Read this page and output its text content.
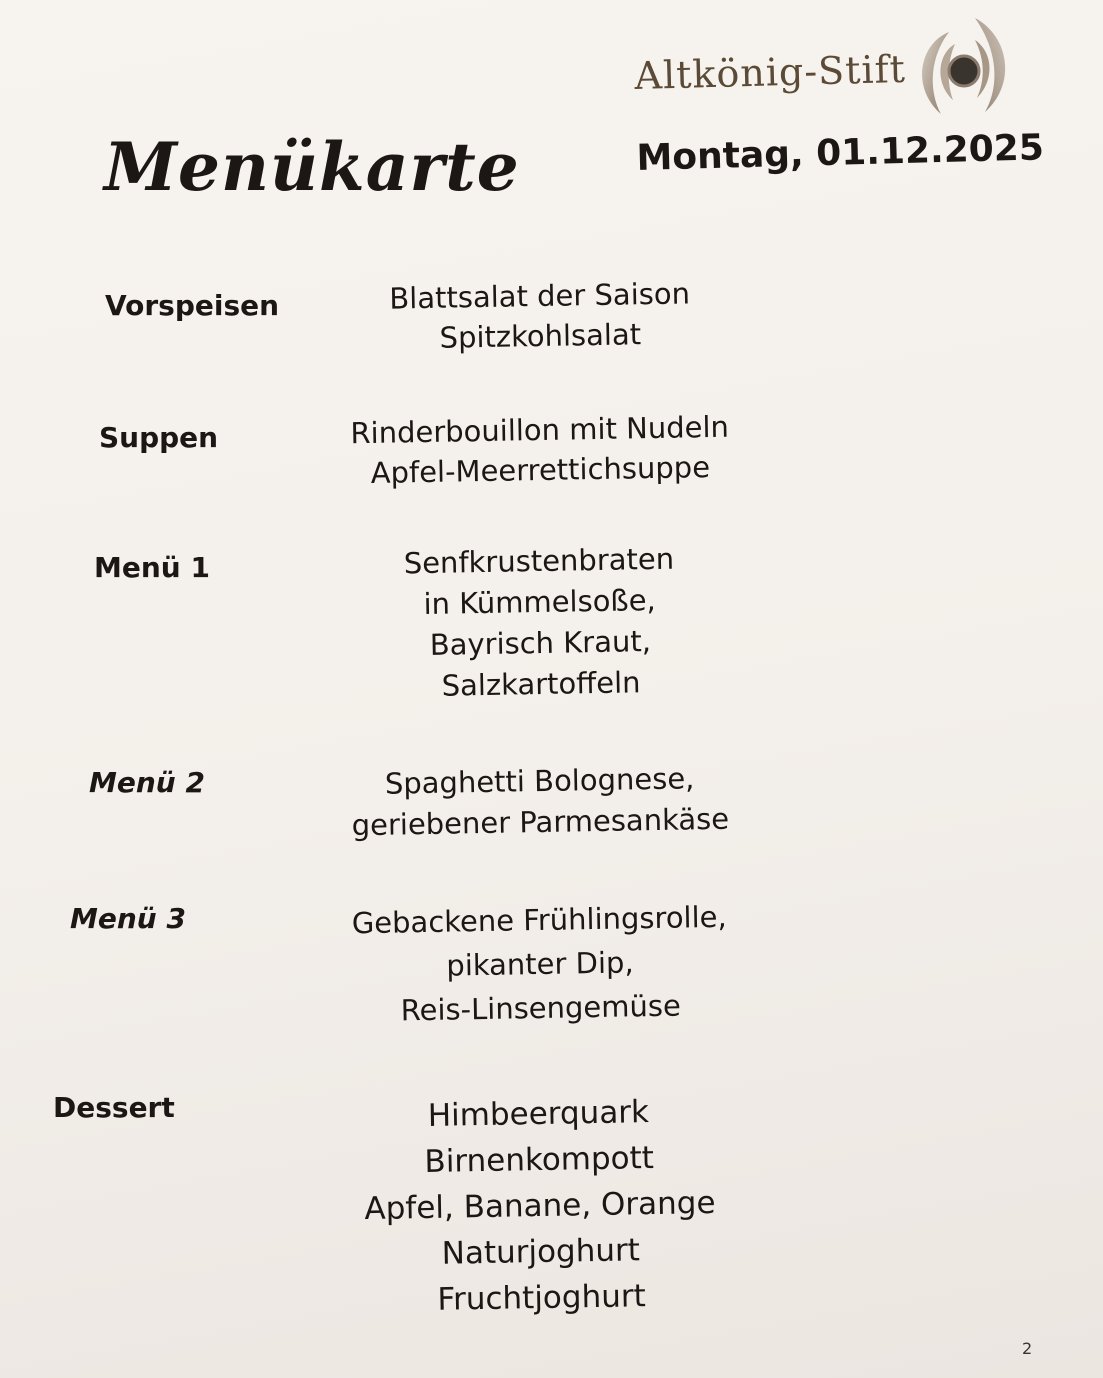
Altkönig-Stift
Menükarte	Montag, 01.12.2025
Vorspeisen	Blattsalat der Saison
Spitzkohlsalat
Suppen	Rinderbouillon mit Nudeln
Apfel-Meerrettichsuppe
Menü 1	Senfkrustenbraten
in Kümmelsoße,
Bayrisch Kraut,
Salzkartoffeln
Menü 2	Spaghetti Bolognese,
geriebener Parmesankäse
Menü 3	Gebackene Frühlingsrolle,
pikanter Dip,
Reis-Linsengemüse
Dessert	Himbeerquark
Birnenkompott
Apfel, Banane, Orange
Naturjoghurt
Fruchtjoghurt
2
